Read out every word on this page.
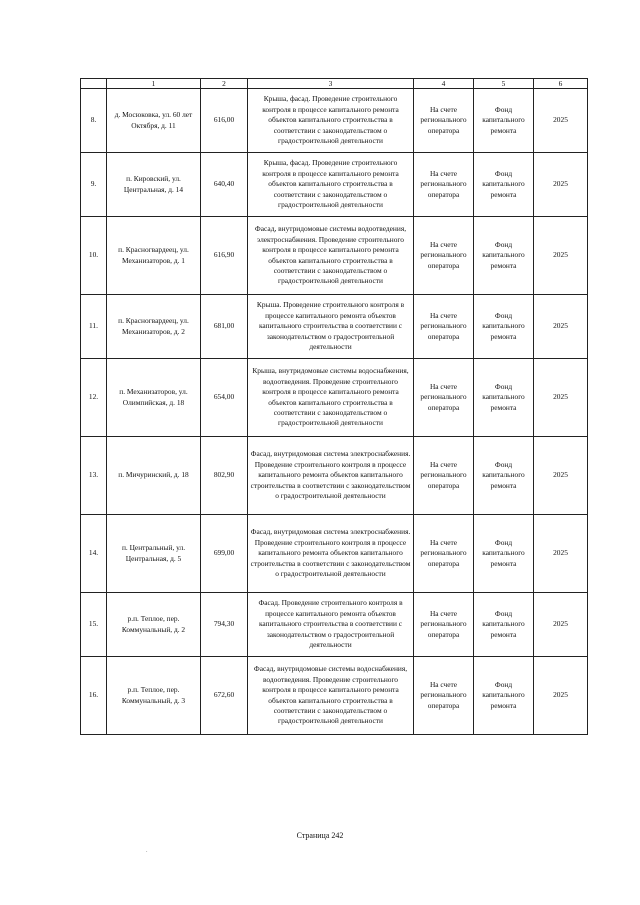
	1	2	3	4	5	6
8.	д. Мосюковка, ул. 60 лет Октября, д. 11	616,00	Крыша, фасад. Проведение строительного контроля в процессе капитального ремонта объектов капитального строительства в соответствии с законодательством о градостроительной деятельности	На счете регионального оператора	Фонд капитального ремонта	2025
9.	п. Кировский, ул. Центральная, д. 14	640,40	Крыша, фасад. Проведение строительного контроля в процессе капитального ремонта объектов капитального строительства в соответствии с законодательством о градостроительной деятельности	На счете регионального оператора	Фонд капитального ремонта	2025
10.	п. Красногвардеец, ул. Механизаторов, д. 1	616,90	Фасад, внутридомовые системы водоотведения, электроснабжения. Проведение строительного контроля в процессе капитального ремонта объектов капитального строительства в соответствии с законодательством о градостроительной деятельности	На счете регионального оператора	Фонд капитального ремонта	2025
11.	п. Красногвардеец, ул. Механизаторов, д. 2	681,00	Крыша. Проведение строительного контроля в процессе капитального ремонта объектов капитального строительства в соответствии с законодательством о градостроительной деятельности	На счете регионального оператора	Фонд капитального ремонта	2025
12.	п. Механизаторов, ул. Олимпийская, д. 18	654,00	Крыша, внутридомовые системы водоснабжения, водоотведения. Проведение строительного контроля в процессе капитального ремонта объектов капитального строительства в соответствии с законодательством о градостроительной деятельности	На счете регионального оператора	Фонд капитального ремонта	2025
13.	п. Мичуринский, д. 18	802,90	Фасад, внутридомовая система электроснабжения. Проведение строительного контроля в процессе капитального ремонта объектов капитального строительства в соответствии с законодательством о градостроительной деятельности	На счете регионального оператора	Фонд капитального ремонта	2025
14.	п. Центральный, ул. Центральная, д. 5	699,00	Фасад, внутридомовая система электроснабжения. Проведение строительного контроля в процессе капитального ремонта объектов капитального строительства в соответствии с законодательством о градостроительной деятельности	На счете регионального оператора	Фонд капитального ремонта	2025
15.	р.п. Теплое, пер. Коммунальный, д. 2	794,30	Фасад. Проведение строительного контроля в процессе капитального ремонта объектов капитального строительства в соответствии с законодательством о градостроительной деятельности	На счете регионального оператора	Фонд капитального ремонта	2025
16.	р.п. Теплое, пер. Коммунальный, д. 3	672,60	Фасад, внутридомовые системы водоснабжения, водоотведения. Проведение строительного контроля в процессе капитального ремонта объектов капитального строительства в соответствии с законодательством о градостроительной деятельности	На счете регионального оператора	Фонд капитального ремонта	2025
Страница 242
.
